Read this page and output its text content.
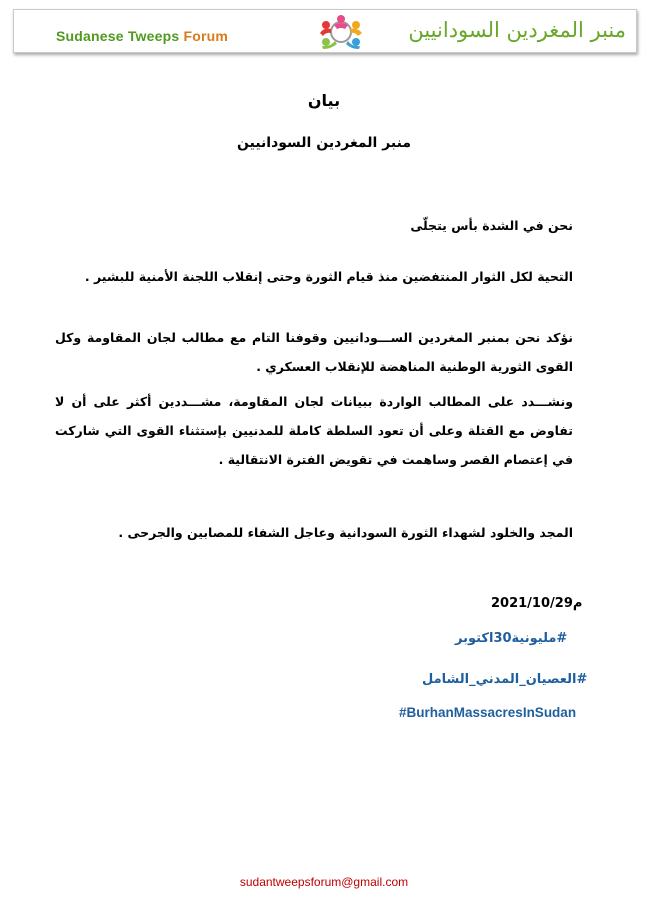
Sudanese Tweeps Forum	منبر المغردين السودانيين
بيان
منبر المغردين السودانيين
نحن في الشدة بأس يتجلّى
التحية لكل الثوار المنتفضين منذ قيام الثورة وحتى إنقلاب اللجنة الأمنية للبشير .
نؤكد نحن بمنبر المغردين الســـودانيين وقوفنا التام مع مطالب لجان المقاومة وكل القوى الثورية الوطنية المناهضة للإنقلاب العسكري .
ونشـــدد على المطالب الواردة ببيانات لجان المقاومة، مشـــددين أكثر على أن لا تفاوض مع القتلة وعلى أن تعود السلطة كاملة للمدنيين بإستثناء القوى التي شاركت في إعتصام القصر وساهمت في تقويض الفترة الانتقالية .
المجد والخلود لشهداء الثورة السودانية وعاجل الشفاء للمصابين والجرحى .
2021/10/29م
#مليونية30اكتوبر
#العصيان_المدني_الشامل
#BurhanMassacresInSudan
sudantweepsforum@gmail.com
